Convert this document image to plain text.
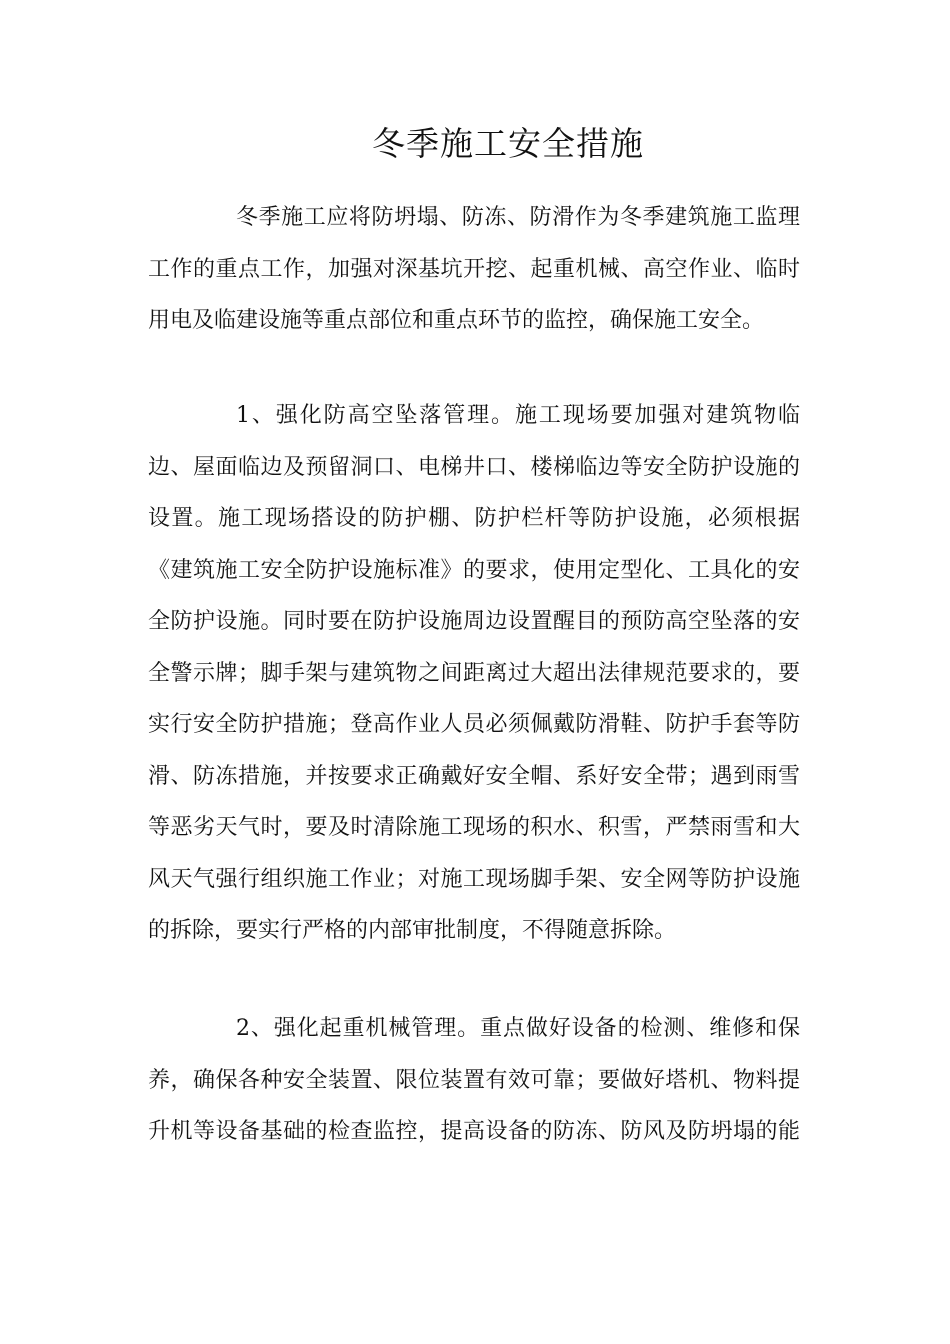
冬季施工安全措施

冬季施工应将防坍塌、防冻、防滑作为冬季建筑施工监理
工作的重点工作，加强对深基坑开挖、起重机械、高空作业、临时
用电及临建设施等重点部位和重点环节的监控，确保施工安全。

1、强化防高空坠落管理。施工现场要加强对建筑物临
边、屋面临边及预留洞口、电梯井口、楼梯临边等安全防护设施的
设置。施工现场搭设的防护棚、防护栏杆等防护设施，必须根据
《建筑施工安全防护设施标准》的要求，使用定型化、工具化的安
全防护设施。同时要在防护设施周边设置醒目的预防高空坠落的安
全警示牌；脚手架与建筑物之间距离过大超出法律规范要求的，要
实行安全防护措施；登高作业人员必须佩戴防滑鞋、防护手套等防
滑、防冻措施，并按要求正确戴好安全帽、系好安全带；遇到雨雪
等恶劣天气时，要及时清除施工现场的积水、积雪，严禁雨雪和大
风天气强行组织施工作业；对施工现场脚手架、安全网等防护设施
的拆除，要实行严格的内部审批制度，不得随意拆除。

2、强化起重机械管理。重点做好设备的检测、维修和保
养，确保各种安全装置、限位装置有效可靠；要做好塔机、物料提
升机等设备基础的检查监控，提高设备的防冻、防风及防坍塌的能
